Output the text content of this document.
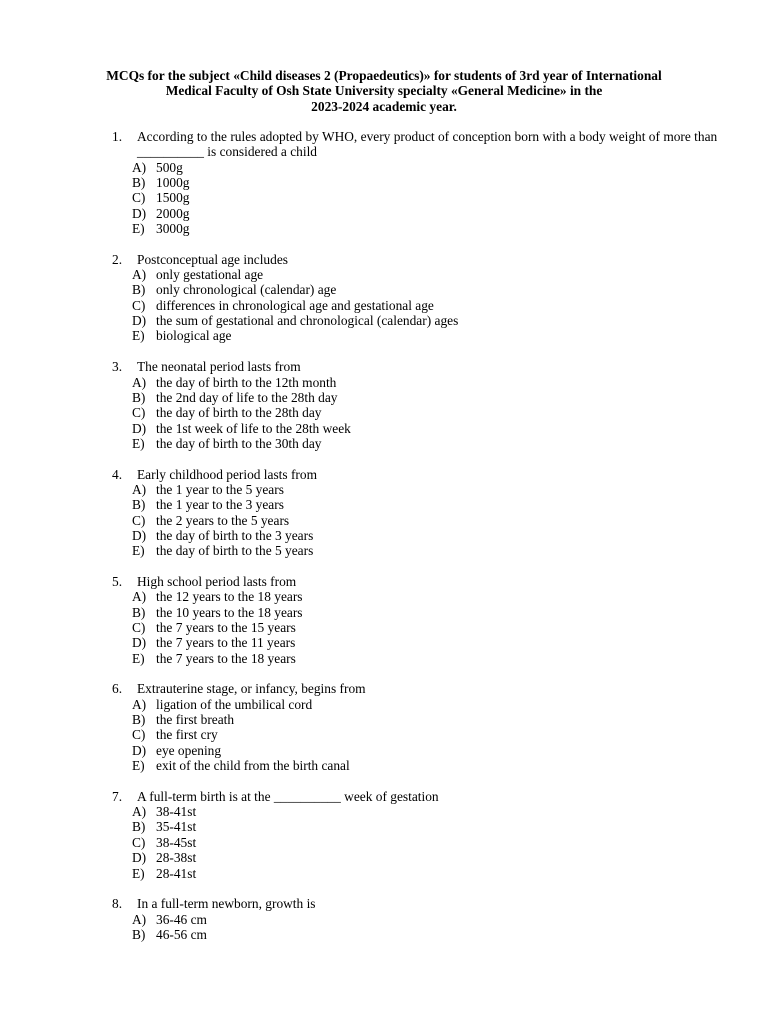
MCQs for the subject «Child diseases 2 (Propaedeutics)» for students of 3rd year of International
Medical Faculty of Osh State University specialty «General Medicine» in the
2023-2024 academic year.
1. According to the rules adopted by WHO, every product of conception born with a body weight of more than __________ is considered a child
A) 500g
B) 1000g
C) 1500g
D) 2000g
E) 3000g
2. Postconceptual age includes
A) only gestational age
B) only chronological (calendar) age
C) differences in chronological age and gestational age
D) the sum of gestational and chronological (calendar) ages
E) biological age
3. The neonatal period lasts from
A) the day of birth to the 12th month
B) the 2nd day of life to the 28th day
C) the day of birth to the 28th day
D) the 1st week of life to the 28th week
E) the day of birth to the 30th day
4. Early childhood period lasts from
A) the 1 year to the 5 years
B) the 1 year to the 3 years
C) the 2 years to the 5 years
D) the day of birth to the 3 years
E) the day of birth to the 5 years
5. High school period lasts from
A) the 12 years to the 18 years
B) the 10 years to the 18 years
C) the 7 years to the 15 years
D) the 7 years to the 11 years
E) the 7 years to the 18 years
6. Extrauterine stage, or infancy, begins from
A) ligation of the umbilical cord
B) the first breath
C) the first cry
D) eye opening
E) exit of the child from the birth canal
7. A full-term birth is at the __________ week of gestation
A) 38-41st
B) 35-41st
C) 38-45st
D) 28-38st
E) 28-41st
8. In a full-term newborn, growth is
A) 36-46 cm
B) 46-56 cm
